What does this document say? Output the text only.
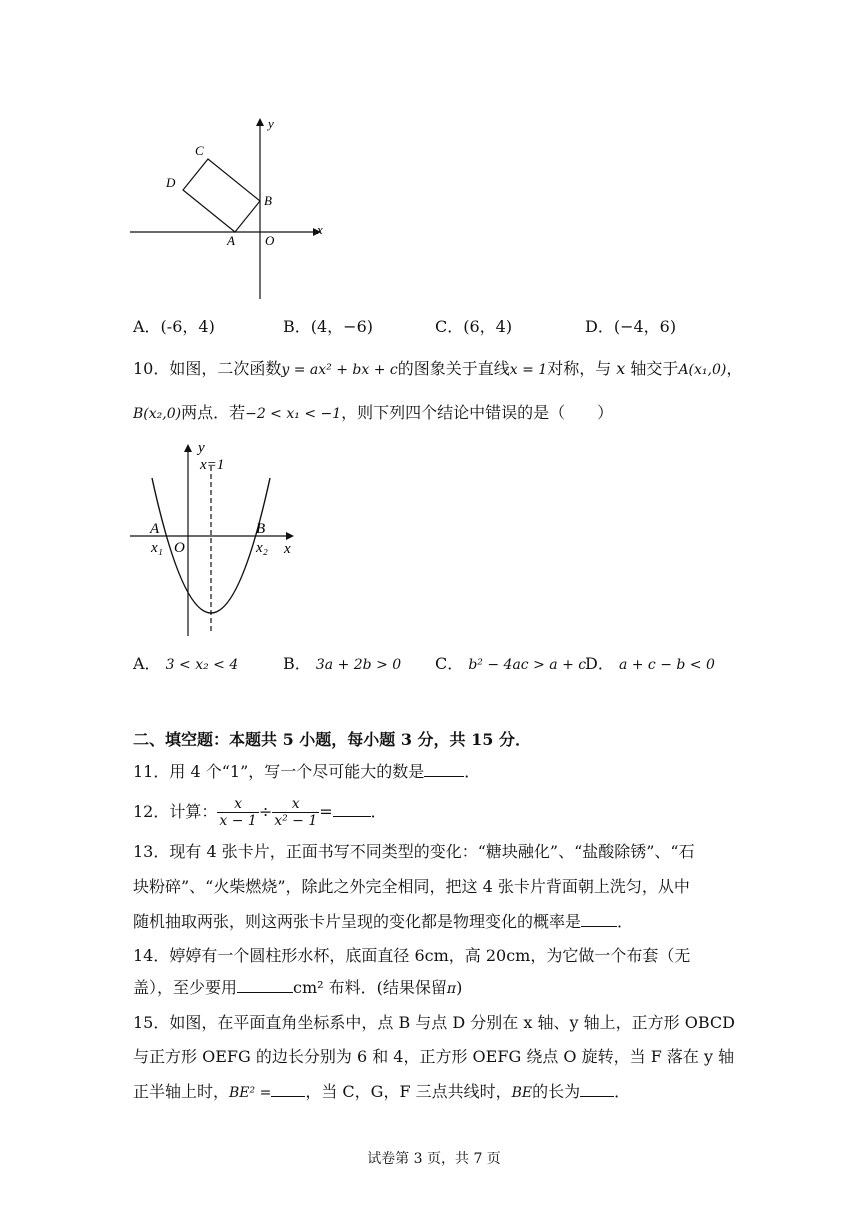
y
x
C
D
B
A O
A．(-6，4)	B．(4，−6)	C．(6，4)	D．(−4，6)
10．如图，二次函数y = ax² + bx + c的图象关于直线x = 1对称，与 x 轴交于A(x₁,0)，
B(x₂,0)两点．若−2 < x₁ < −1，则下列四个结论中错误的是（　　）
y
x=1
A	B
x₁ O	x₂ x
A． 3 < x₂ < 4	B． 3a + 2b > 0 C． b² − 4ac > a + c
D． a + c − b < 0
二、填空题：本题共 5 小题，每小题 3 分，共 15 分．
11．用 4 个“1”，写一个尽可能大的数是	．
12．计算： $\frac{x}{x - 1} \div \frac{x}{\text{x² − 1}}$ = ．
13．现有 4 张卡片，正面书写不同类型的变化：“糖块融化”、“盐酸除锈”、“石
块粉碎”、“火柴燃烧”，除此之外完全相同，把这 4 张卡片背面朝上洗匀，从中
随机抽取两张，则这两张卡片呈现的变化都是物理变化的概率是 ．
14．婷婷有一个圆柱形水杯，底面直径 6cm，高 20cm，为它做一个布套（无
盖），至少要用	cm² 布料．(结果保留π)
15．如图，在平面直角坐标系中，点 B 与点 D 分别在 x 轴、y 轴上，正方形 OBCD
与正方形 OEFG 的边长分别为 6 和 4，正方形 OEFG 绕点 O 旋转，当 F 落在 y 轴
正半轴上时，BE² = ，当 C，G，F 三点共线时，BE的长为 ．
试卷第 3 页，共 7 页
